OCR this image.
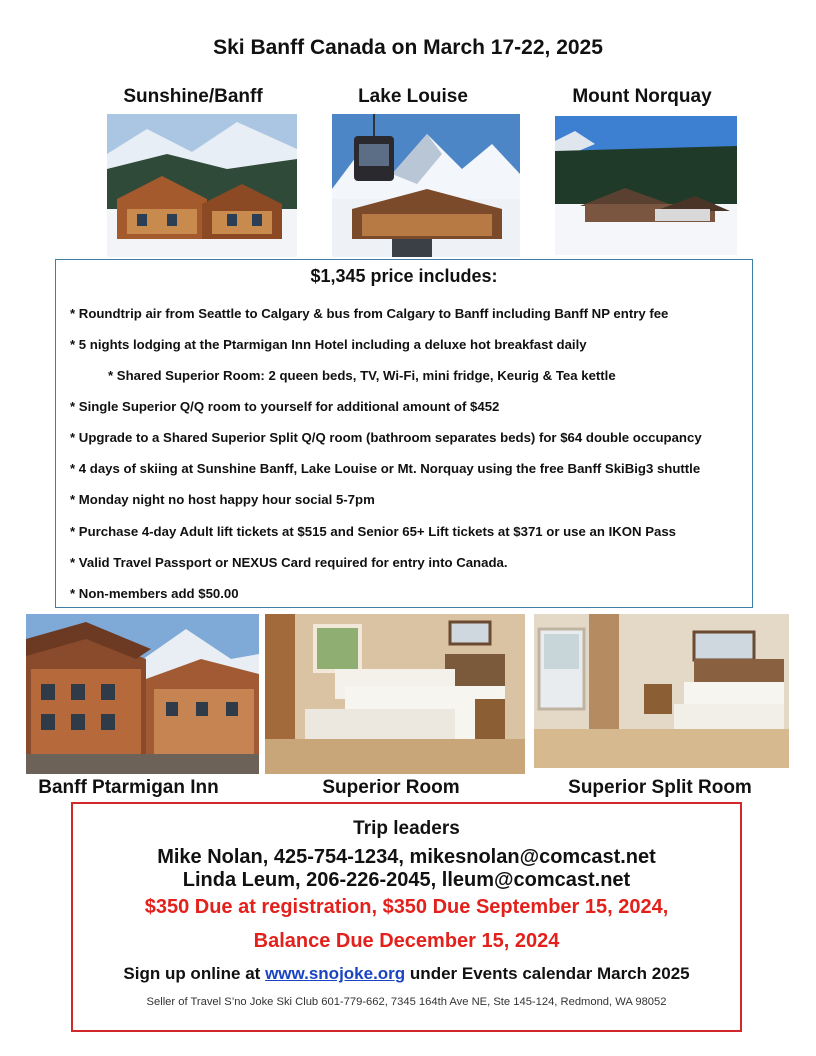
Ski Banff Canada on March 17-22, 2025
Sunshine/Banff	Lake Louise	Mount Norquay
$1,345 price includes:
* Roundtrip air from Seattle to Calgary & bus from Calgary to Banff including Banff NP entry fee
* 5 nights lodging at the Ptarmigan Inn Hotel including a deluxe hot breakfast daily
* Shared Superior Room: 2 queen beds, TV, Wi-Fi, mini fridge, Keurig & Tea kettle
* Single Superior Q/Q room to yourself for additional amount of $452
* Upgrade to a Shared Superior Split Q/Q room (bathroom separates beds) for $64 double occupancy
* 4 days of skiing at Sunshine Banff, Lake Louise or Mt. Norquay using the free Banff SkiBig3 shuttle
* Monday night no host happy hour social 5-7pm
* Purchase 4-day Adult lift tickets at $515 and Senior 65+ Lift tickets at $371 or use an IKON Pass
* Valid Travel Passport or NEXUS Card required for entry into Canada.
* Non-members add $50.00
Banff Ptarmigan Inn	Superior Room	Superior Split Room
Trip leaders
Mike Nolan, 425-754-1234, mikesnolan@comcast.net
Linda Leum, 206-226-2045, lleum@comcast.net
$350 Due at registration, $350 Due September 15, 2024,
Balance Due December 15, 2024
Sign up online at www.snojoke.org under Events calendar March 2025
Seller of Travel S’no Joke Ski Club 601-779-662, 7345 164th Ave NE, Ste 145-124, Redmond, WA 98052
